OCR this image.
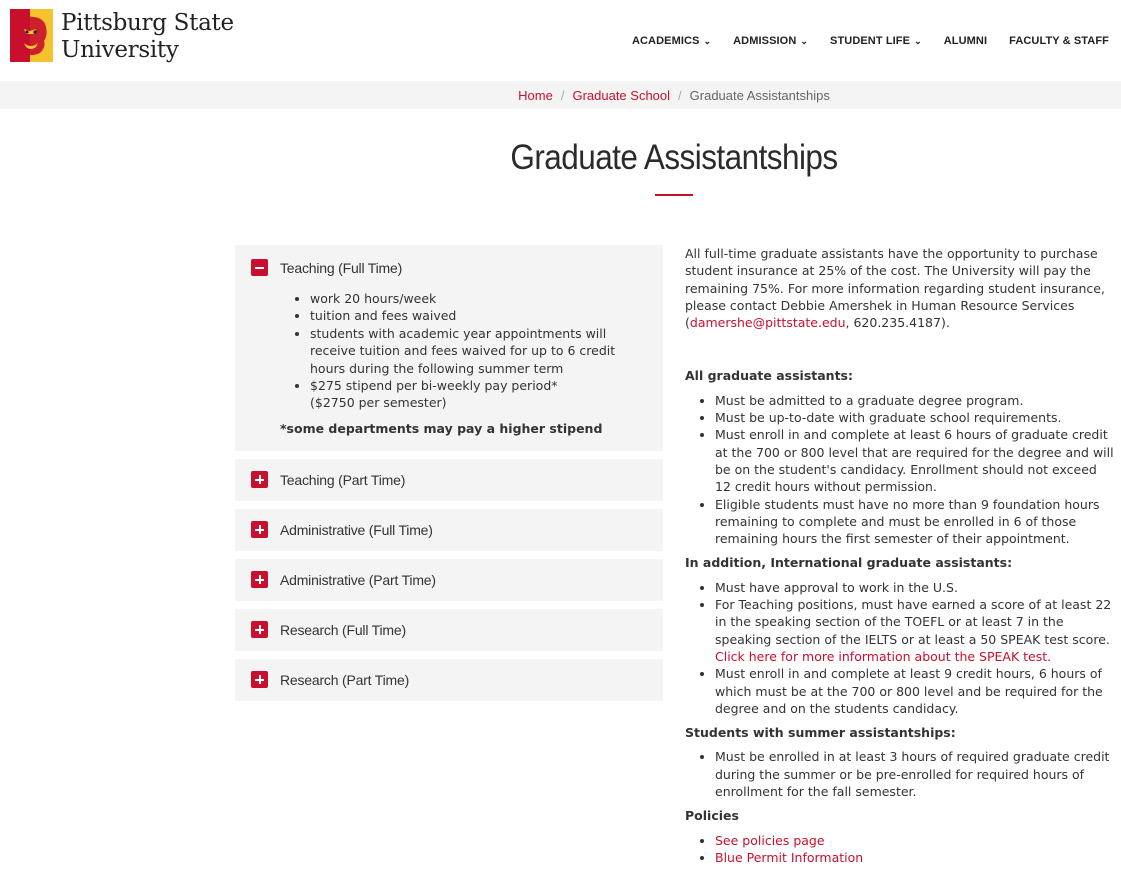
Pittsburg State
University	ACADEMICS ⌄ ADMISSION ⌄ STUDENT LIFE ⌄ ALUMNI FACULTY & STAFF
Home / Graduate School / Graduate Assistantships
Graduate Assistantships
Teaching (Full Time)
• work 20 hours/week
• tuition and fees waived
• students with academic year appointments will receive tuition and fees waived for up to 6 credit hours during the following summer term
• $275 stipend per bi-weekly pay period*
($2750 per semester)
*some departments may pay a higher stipend
Teaching (Part Time)
Administrative (Full Time)
Administrative (Part Time)
Research (Full Time)
Research (Part Time)

All full-time graduate assistants have the opportunity to purchase student insurance at 25% of the cost. The University will pay the remaining 75%. For more information regarding student insurance, please contact Debbie Amershek in Human Resource Services (damershe@pittstate.edu, 620.235.4187).

All graduate assistants:
• Must be admitted to a graduate degree program.
• Must be up-to-date with graduate school requirements.
• Must enroll in and complete at least 6 hours of graduate credit at the 700 or 800 level that are required for the degree and will be on the student's candidacy. Enrollment should not exceed 12 credit hours without permission.
• Eligible students must have no more than 9 foundation hours remaining to complete and must be enrolled in 6 of those remaining hours the first semester of their appointment.
In addition, International graduate assistants:
• Must have approval to work in the U.S.
• For Teaching positions, must have earned a score of at least 22 in the speaking section of the TOEFL or at least 7 in the speaking section of the IELTS or at least a 50 SPEAK test score.
Click here for more information about the SPEAK test.
• Must enroll in and complete at least 9 credit hours, 6 hours of which must be at the 700 or 800 level and be required for the degree and on the students candidacy.
Students with summer assistantships:
• Must be enrolled in at least 3 hours of required graduate credit during the summer or be pre-enrolled for required hours of enrollment for the fall semester.
Policies
• See policies page
• Blue Permit Information
